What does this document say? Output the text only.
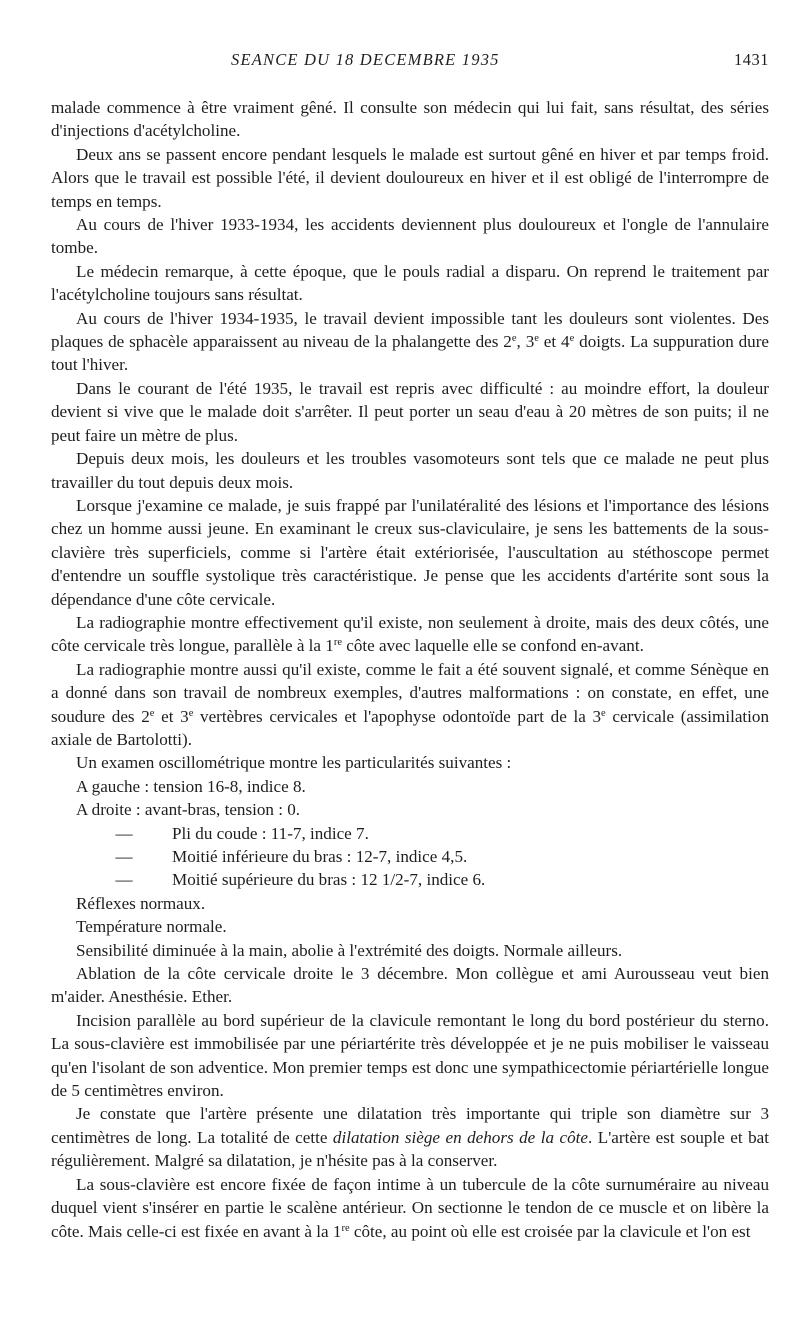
SEANCE DU 18 DECEMBRE 1935	1431

malade commence à être vraiment gêné. Il consulte son médecin qui lui fait, sans résultat, des séries d'injections d'acétylcholine.

Deux ans se passent encore pendant lesquels le malade est surtout gêné en hiver et par temps froid. Alors que le travail est possible l'été, il devient douloureux en hiver et il est obligé de l'interrompre de temps en temps.

Au cours de l'hiver 1933-1934, les accidents deviennent plus douloureux et l'ongle de l'annulaire tombe.

Le médecin remarque, à cette époque, que le pouls radial a disparu. On reprend le traitement par l'acétylcholine toujours sans résultat.

Au cours de l'hiver 1934-1935, le travail devient impossible tant les douleurs sont violentes. Des plaques de sphacèle apparaissent au niveau de la phalangette des 2e, 3e et 4e doigts. La suppuration dure tout l'hiver.

Dans le courant de l'été 1935, le travail est repris avec difficulté : au moindre effort, la douleur devient si vive que le malade doit s'arrêter. Il peut porter un seau d'eau à 20 mètres de son puits; il ne peut faire un mètre de plus.

Depuis deux mois, les douleurs et les troubles vasomoteurs sont tels que ce malade ne peut plus travailler du tout depuis deux mois.

Lorsque j'examine ce malade, je suis frappé par l'unilatéralité des lésions et l'importance des lésions chez un homme aussi jeune. En examinant le creux sus-claviculaire, je sens les battements de la sous-clavière très superficiels, comme si l'artère était extériorisée, l'auscultation au stéthoscope permet d'entendre un souffle systolique très caractéristique. Je pense que les accidents d'artérite sont sous la dépendance d'une côte cervicale.

La radiographie montre effectivement qu'il existe, non seulement à droite, mais des deux côtés, une côte cervicale très longue, parallèle à la 1re côte avec laquelle elle se confond en-avant.

La radiographie montre aussi qu'il existe, comme le fait a été souvent signalé, et comme Sénèque en a donné dans son travail de nombreux exemples, d'autres malformations : on constate, en effet, une soudure des 2e et 3e vertèbres cervicales et l'apophyse odontoïde part de la 3e cervicale (assimilation axiale de Bartolotti).

Un examen oscillométrique montre les particularités suivantes :

A gauche : tension 16-8, indice 8.

A droite : avant-bras, tension : 0.

— Pli du coude : 11-7, indice 7.

— Moitié inférieure du bras : 12-7, indice 4,5.

— Moitié supérieure du bras : 12 1/2-7, indice 6.

Réflexes normaux.

Température normale.

Sensibilité diminuée à la main, abolie à l'extrémité des doigts. Normale ailleurs.

Ablation de la côte cervicale droite le 3 décembre. Mon collègue et ami Aurousseau veut bien m'aider. Anesthésie. Ether.

Incision parallèle au bord supérieur de la clavicule remontant le long du bord postérieur du sterno. La sous-clavière est immobilisée par une périartérite très développée et je ne puis mobiliser le vaisseau qu'en l'isolant de son adventice. Mon premier temps est donc une sympathicectomie périartérielle longue de 5 centimètres environ.

Je constate que l'artère présente une dilatation très importante qui triple son diamètre sur 3 centimètres de long. La totalité de cette dilatation siège en dehors de la côte. L'artère est souple et bat régulièrement. Malgré sa dilatation, je n'hésite pas à la conserver.

La sous-clavière est encore fixée de façon intime à un tubercule de la côte surnuméraire au niveau duquel vient s'insérer en partie le scalène antérieur. On sectionne le tendon de ce muscle et on libère la côte. Mais celle-ci est fixée en avant à la 1re côte, au point où elle est croisée par la clavicule et l'on est
